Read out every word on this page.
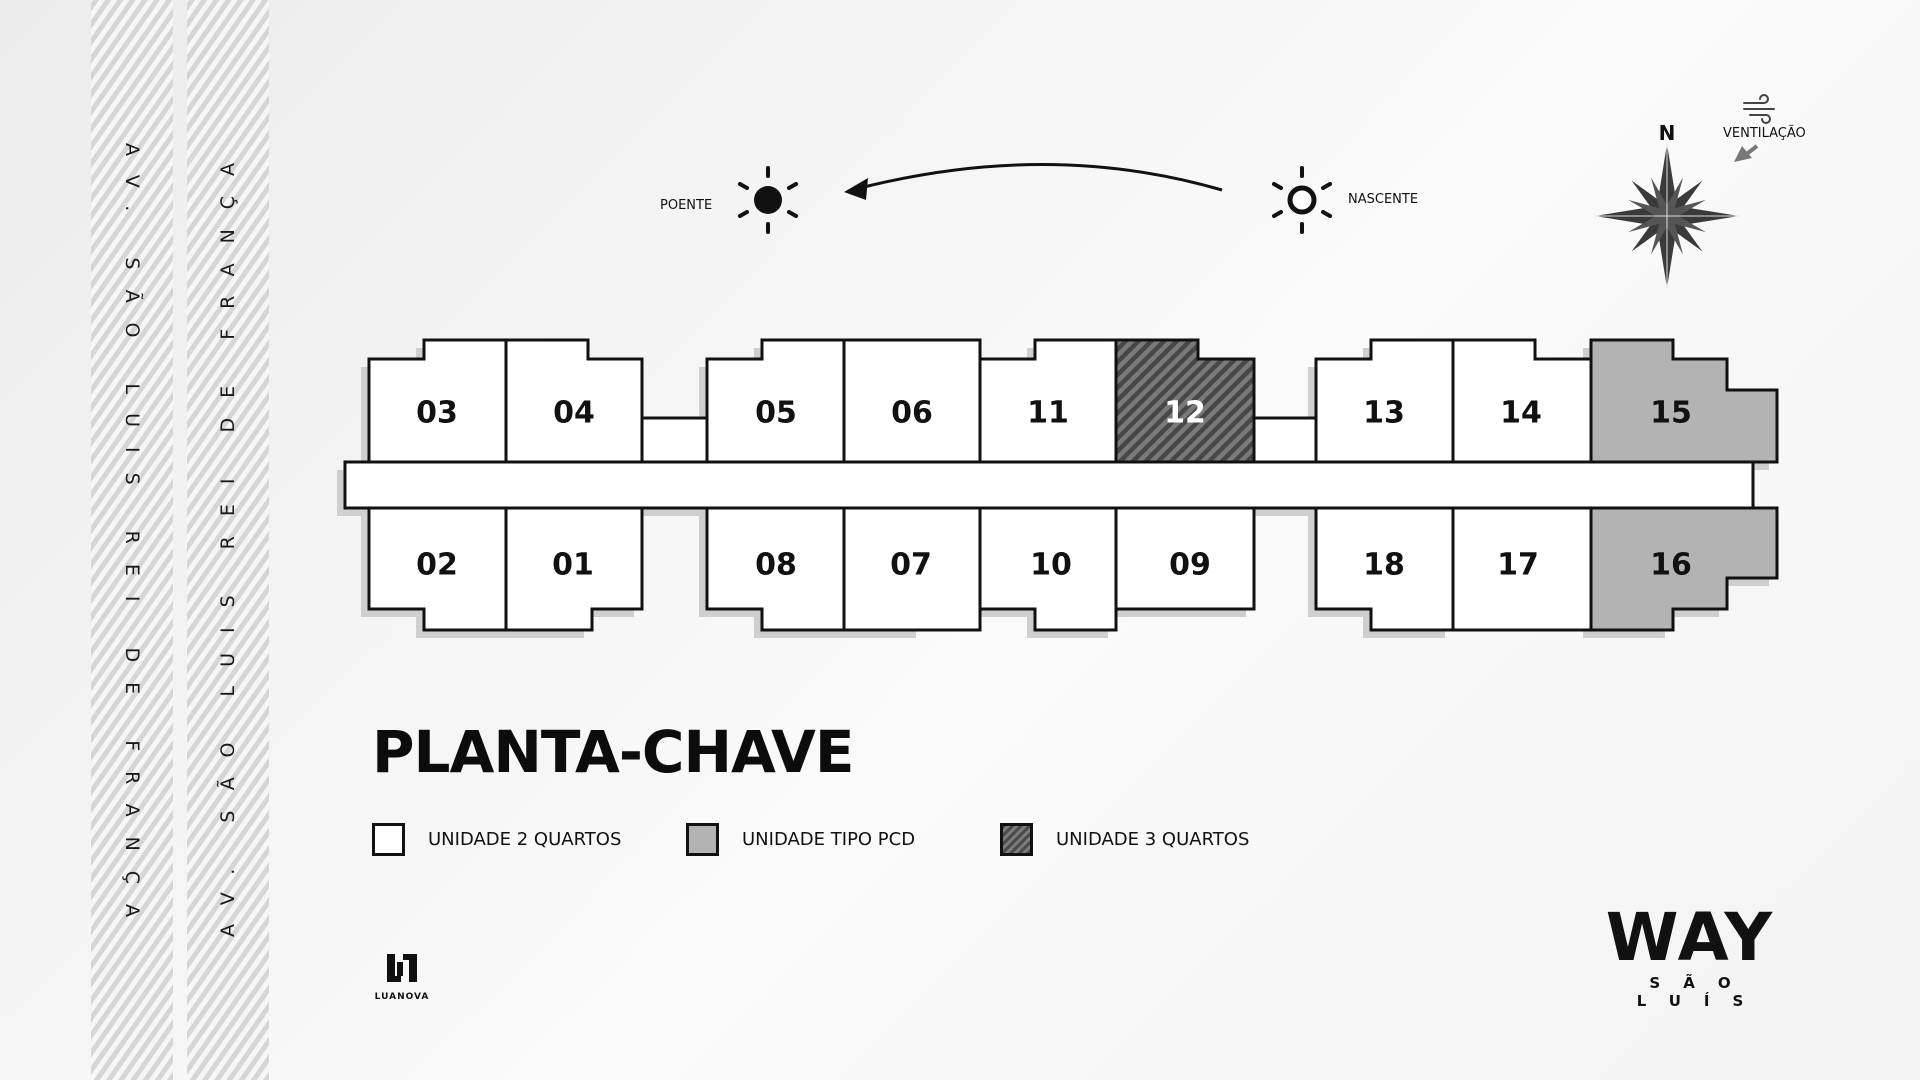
AV. SÃO LUIS REI DE FRANÇA	AV. SÃO LUIS REI DE FRANÇA	POENTE	NASCENTE
N	VENTILAÇÃO
03	04	05	06	11	12	13	14	15
02	01	08	07	10	09	18	17	16
PLANTA-CHAVE
UNIDADE 2 QUARTOS	UNIDADE TIPO PCD	UNIDADE 3 QUARTOS
LUANOVA
WAY
SÃO LUÍS
